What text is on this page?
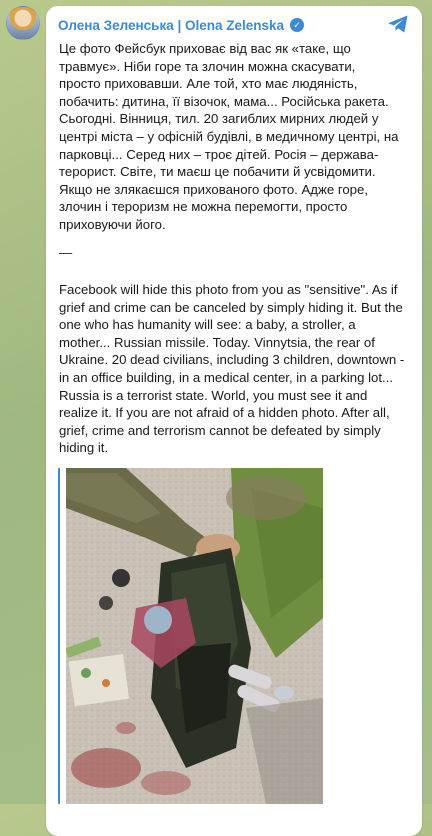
Олена Зеленська | Olena Zelenska	✓
Це фото Фейсбук приховає від вас як «таке, що
травмує». Ніби горе та злочин можна скасувати,
просто приховавши. Але той, хто має людяність,
побачить: дитина, її візочок, мама... Російська ракета.
Сьогодні. Вінниця, тил. 20 загиблих мирних людей у
центрі міста – у офісній будівлі, в медичному центрі, на
парковці... Серед них – троє дітей. Росія – держава-
терорист. Світе, ти маєш це побачити й усвідомити.
Якщо не злякаєшся прихованого фото. Адже горе,
злочин і тероризм не можна перемогти, просто
приховуючи його.
—
Facebook will hide this photo from you as "sensitive". As if
grief and crime can be canceled by simply hiding it. But the
one who has humanity will see: a baby, a stroller, a
mother... Russian missile. Today. Vinnytsia, the rear of
Ukraine. 20 dead civilians, including 3 children, downtown -
in an office building, in a medical center, in a parking lot...
Russia is a terrorist state. World, you must see it and
realize it. If you are not afraid of a hidden photo. After all,
grief, crime and terrorism cannot be defeated by simply
hiding it.
